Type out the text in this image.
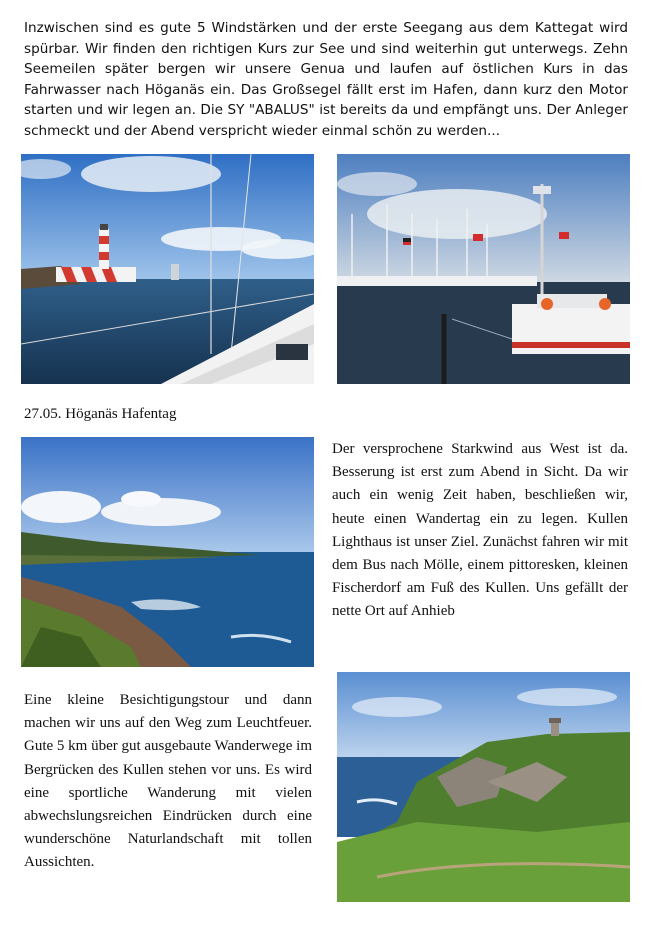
Inzwischen sind es gute 5 Windstärken und der erste Seegang aus dem Kattegat wird spürbar. Wir finden den richtigen Kurs zur See und sind weiterhin gut unterwegs. Zehn Seemeilen später bergen wir unsere Genua und laufen auf östlichen Kurs in das Fahrwasser nach Höganäs ein. Das Großsegel fällt erst im Hafen, dann kurz den Motor starten und wir legen an. Die SY "ABALUS" ist bereits da und empfängt uns. Der Anleger schmeckt und der Abend verspricht wieder einmal schön zu werden...

27.05. Höganäs Hafentag

Der versprochene Starkwind aus West ist da. Besserung ist erst zum Abend in Sicht. Da wir auch ein wenig Zeit haben, beschließen wir, heute einen Wandertag ein zu legen. Kullen Lighthaus ist unser Ziel. Zunächst fahren wir mit dem Bus nach Mölle, einem pittoresken, kleinen Fischerdorf am Fuß des Kullen. Uns gefällt der nette Ort auf Anhieb

Eine kleine Besichtigungstour und dann machen wir uns auf den Weg zum Leuchtfeuer. Gute 5 km über gut ausgebaute Wanderwege im Bergrücken des Kullen stehen vor uns. Es wird eine sportliche Wanderung mit vielen abwechslungsreichen Eindrücken durch eine wunderschöne Naturlandschaft mit tollen Aussichten.
